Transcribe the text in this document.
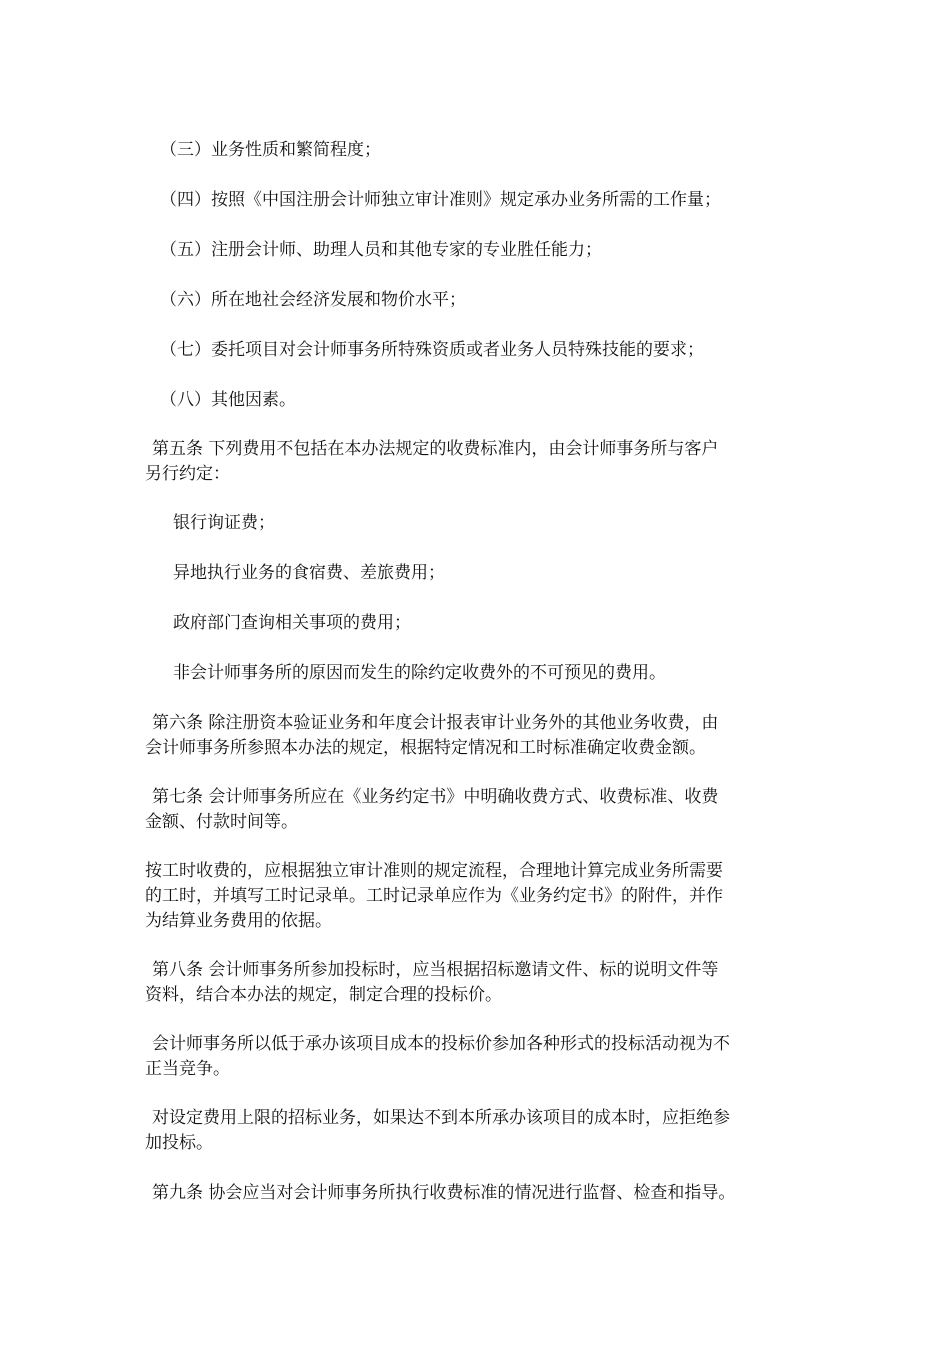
（三）业务性质和繁简程度；
（四）按照《中国注册会计师独立审计准则》规定承办业务所需的工作量；
（五）注册会计师、助理人员和其他专家的专业胜任能力；
（六）所在地社会经济发展和物价水平；
（七）委托项目对会计师事务所特殊资质或者业务人员特殊技能的要求；
（八）其他因素。
第五条 下列费用不包括在本办法规定的收费标准内，由会计师事务所与客户
另行约定：
银行询证费；
异地执行业务的食宿费、差旅费用；
政府部门查询相关事项的费用；
非会计师事务所的原因而发生的除约定收费外的不可预见的费用。
第六条 除注册资本验证业务和年度会计报表审计业务外的其他业务收费，由
会计师事务所参照本办法的规定，根据特定情况和工时标准确定收费金额。
第七条 会计师事务所应在《业务约定书》中明确收费方式、收费标准、收费
金额、付款时间等。
按工时收费的，应根据独立审计准则的规定流程，合理地计算完成业务所需要
的工时，并填写工时记录单。工时记录单应作为《业务约定书》的附件，并作
为结算业务费用的依据。
第八条 会计师事务所参加投标时，应当根据招标邀请文件、标的说明文件等
资料，结合本办法的规定，制定合理的投标价。
会计师事务所以低于承办该项目成本的投标价参加各种形式的投标活动视为不
正当竞争。
对设定费用上限的招标业务，如果达不到本所承办该项目的成本时，应拒绝参
加投标。
第九条 协会应当对会计师事务所执行收费标准的情况进行监督、检查和指导。
